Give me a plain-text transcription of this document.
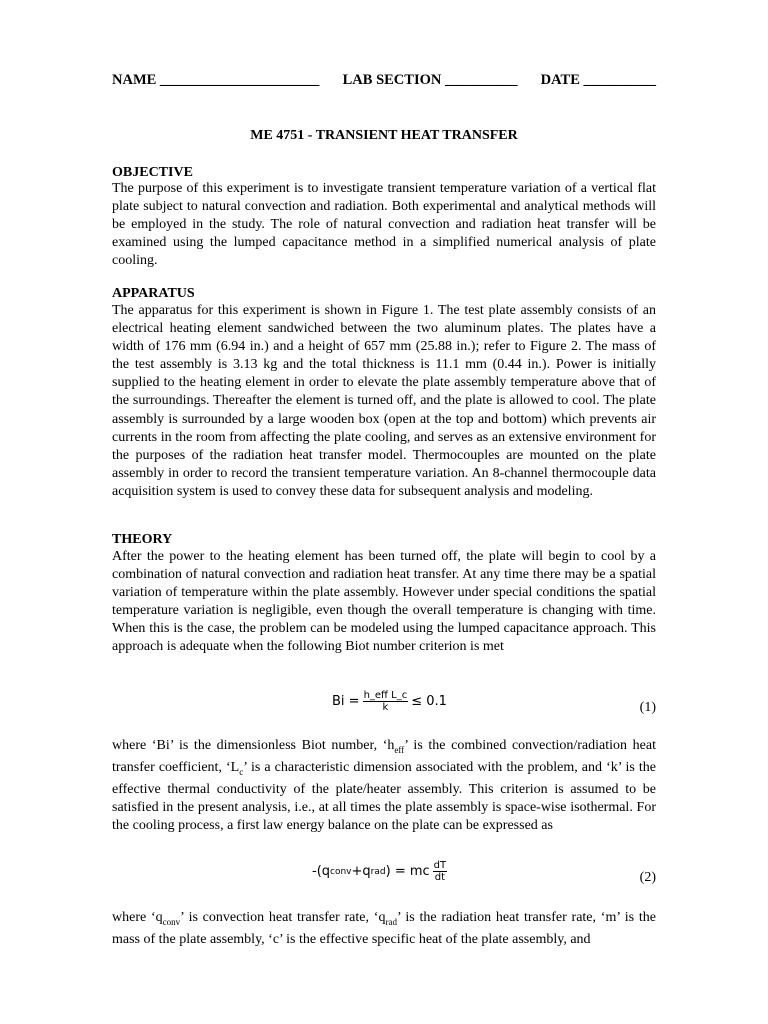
NAME ______________________ LAB SECTION __________ DATE __________
ME 4751 - TRANSIENT HEAT TRANSFER
OBJECTIVE

The purpose of this experiment is to investigate transient temperature variation of a vertical flat plate subject to natural convection and radiation. Both experimental and analytical methods will be employed in the study. The role of natural convection and radiation heat transfer will be examined using the lumped capacitance method in a simplified numerical analysis of plate cooling.

APPARATUS

The apparatus for this experiment is shown in Figure 1. The test plate assembly consists of an electrical heating element sandwiched between the two aluminum plates. The plates have a width of 176 mm (6.94 in.) and a height of 657 mm (25.88 in.); refer to Figure 2. The mass of the test assembly is 3.13 kg and the total thickness is 11.1 mm (0.44 in.). Power is initially supplied to the heating element in order to elevate the plate assembly temperature above that of the surroundings. Thereafter the element is turned off, and the plate is allowed to cool. The plate assembly is surrounded by a large wooden box (open at the top and bottom) which prevents air currents in the room from affecting the plate cooling, and serves as an extensive environment for the purposes of the radiation heat transfer model. Thermocouples are mounted on the plate assembly in order to record the transient temperature variation. An 8-channel thermocouple data acquisition system is used to convey these data for subsequent analysis and modeling.

THEORY

After the power to the heating element has been turned off, the plate will begin to cool by a combination of natural convection and radiation heat transfer. At any time there may be a spatial variation of temperature within the plate assembly. However under special conditions the spatial temperature variation is negligible, even though the overall temperature is changing with time. When this is the case, the problem can be modeled using the lumped capacitance approach. This approach is adequate when the following Biot number criterion is met

$Bi = \frac{\text{h\_eff L\_c}}{k} \le 0.1$	(1)

where ‘Bi’ is the dimensionless Biot number, ‘$h_{eff}$’ is the combined convection/radiation heat transfer coefficient, ‘$L_c$’ is a characteristic dimension associated with the problem, and ‘k’ is the effective thermal conductivity of the plate/heater assembly. This criterion is assumed to be satisfied in the present analysis, i.e., at all times the plate assembly is space-wise isothermal. For the cooling process, a first law energy balance on the plate can be expressed as

-(q conv +q rad ) = mc $\frac{dT}{dt}$	(2)

where ‘$q_{conv}$’ is convection heat transfer rate, ‘$q_{rad}$’ is the radiation heat transfer rate, ‘m’ is the mass of the plate assembly, ‘c’ is the effective specific heat of the plate assembly, and
